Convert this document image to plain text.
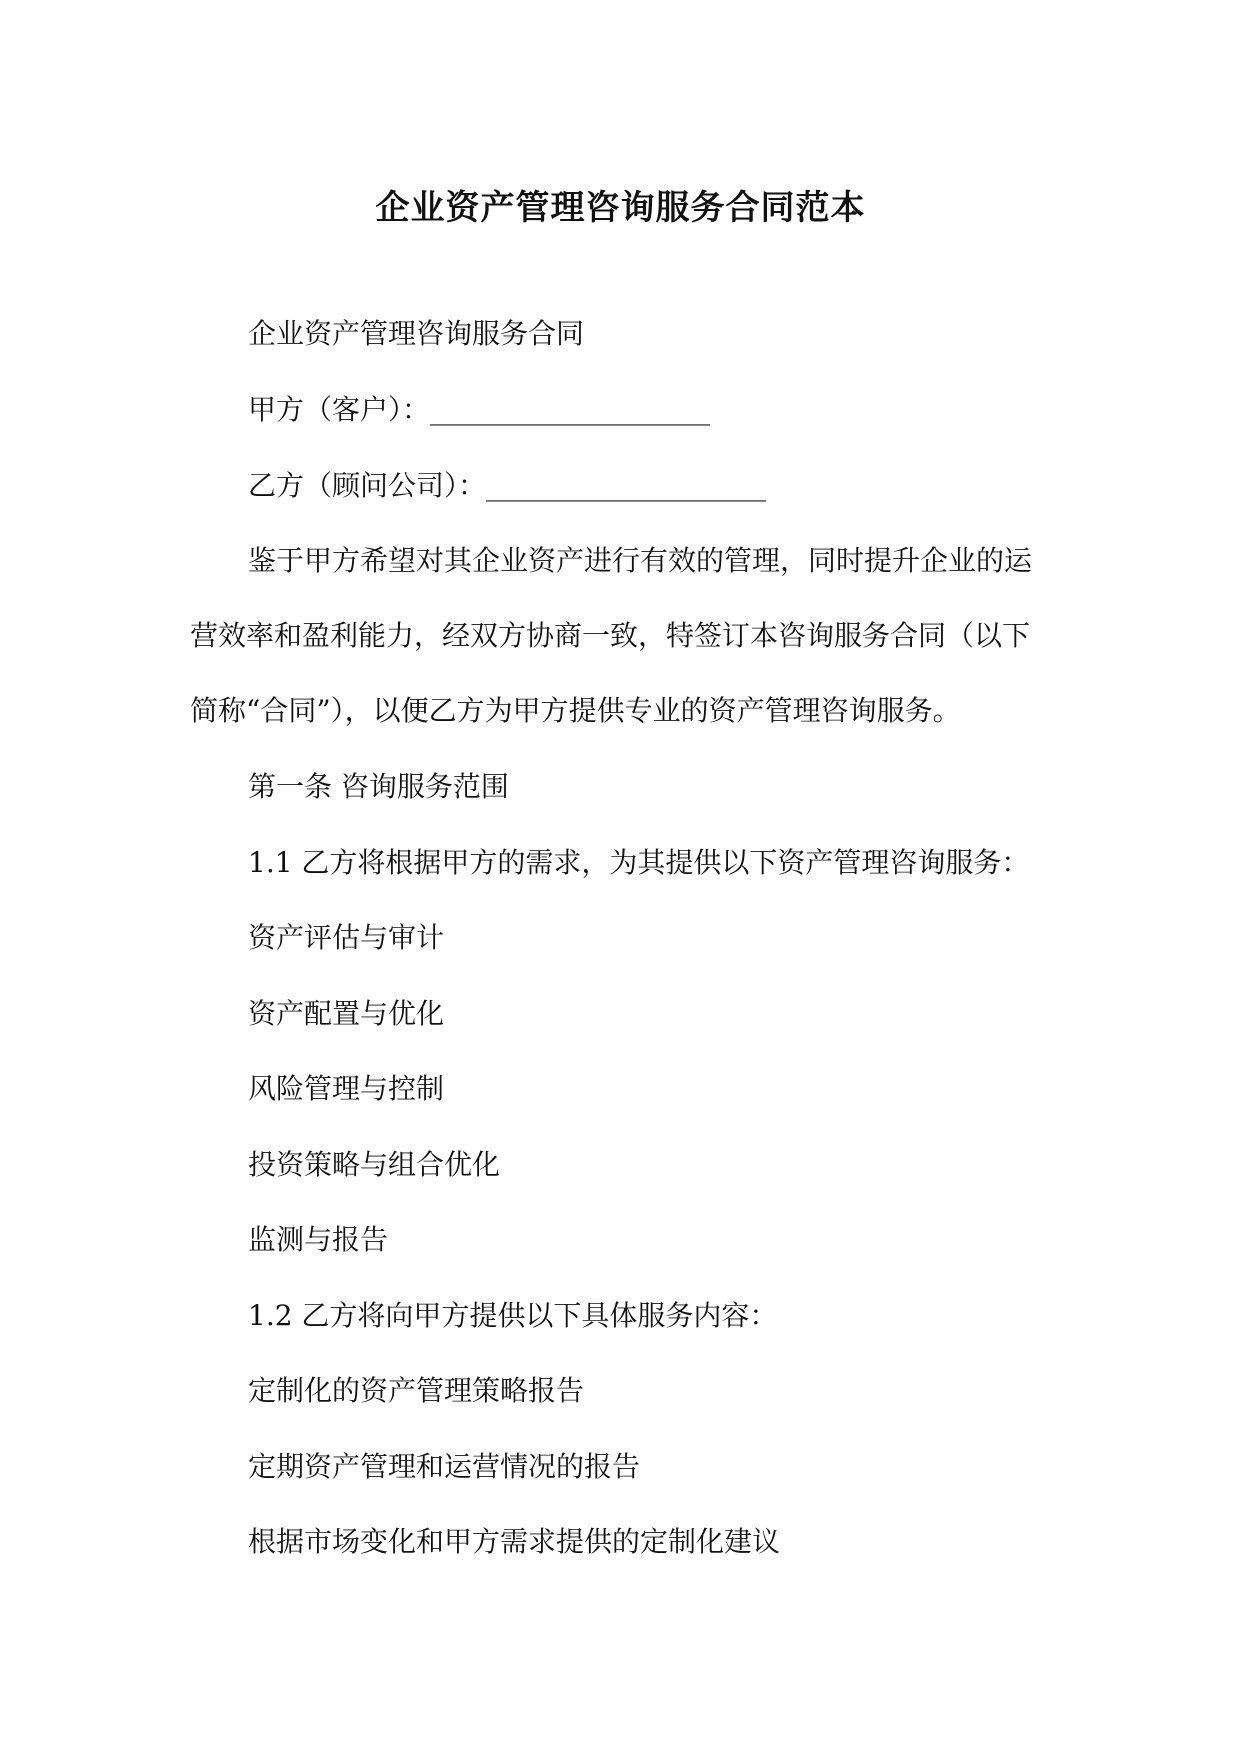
企业资产管理咨询服务合同范本
企业资产管理咨询服务合同
甲方（客户）：____________________
乙方（顾问公司）：____________________
鉴于甲方希望对其企业资产进行有效的管理，同时提升企业的运
营效率和盈利能力，经双方协商一致，特签订本咨询服务合同（以下
简称“合同”），以便乙方为甲方提供专业的资产管理咨询服务。
第一条 咨询服务范围
1.1 乙方将根据甲方的需求，为其提供以下资产管理咨询服务：
资产评估与审计
资产配置与优化
风险管理与控制
投资策略与组合优化
监测与报告
1.2 乙方将向甲方提供以下具体服务内容：
定制化的资产管理策略报告
定期资产管理和运营情况的报告
根据市场变化和甲方需求提供的定制化建议
